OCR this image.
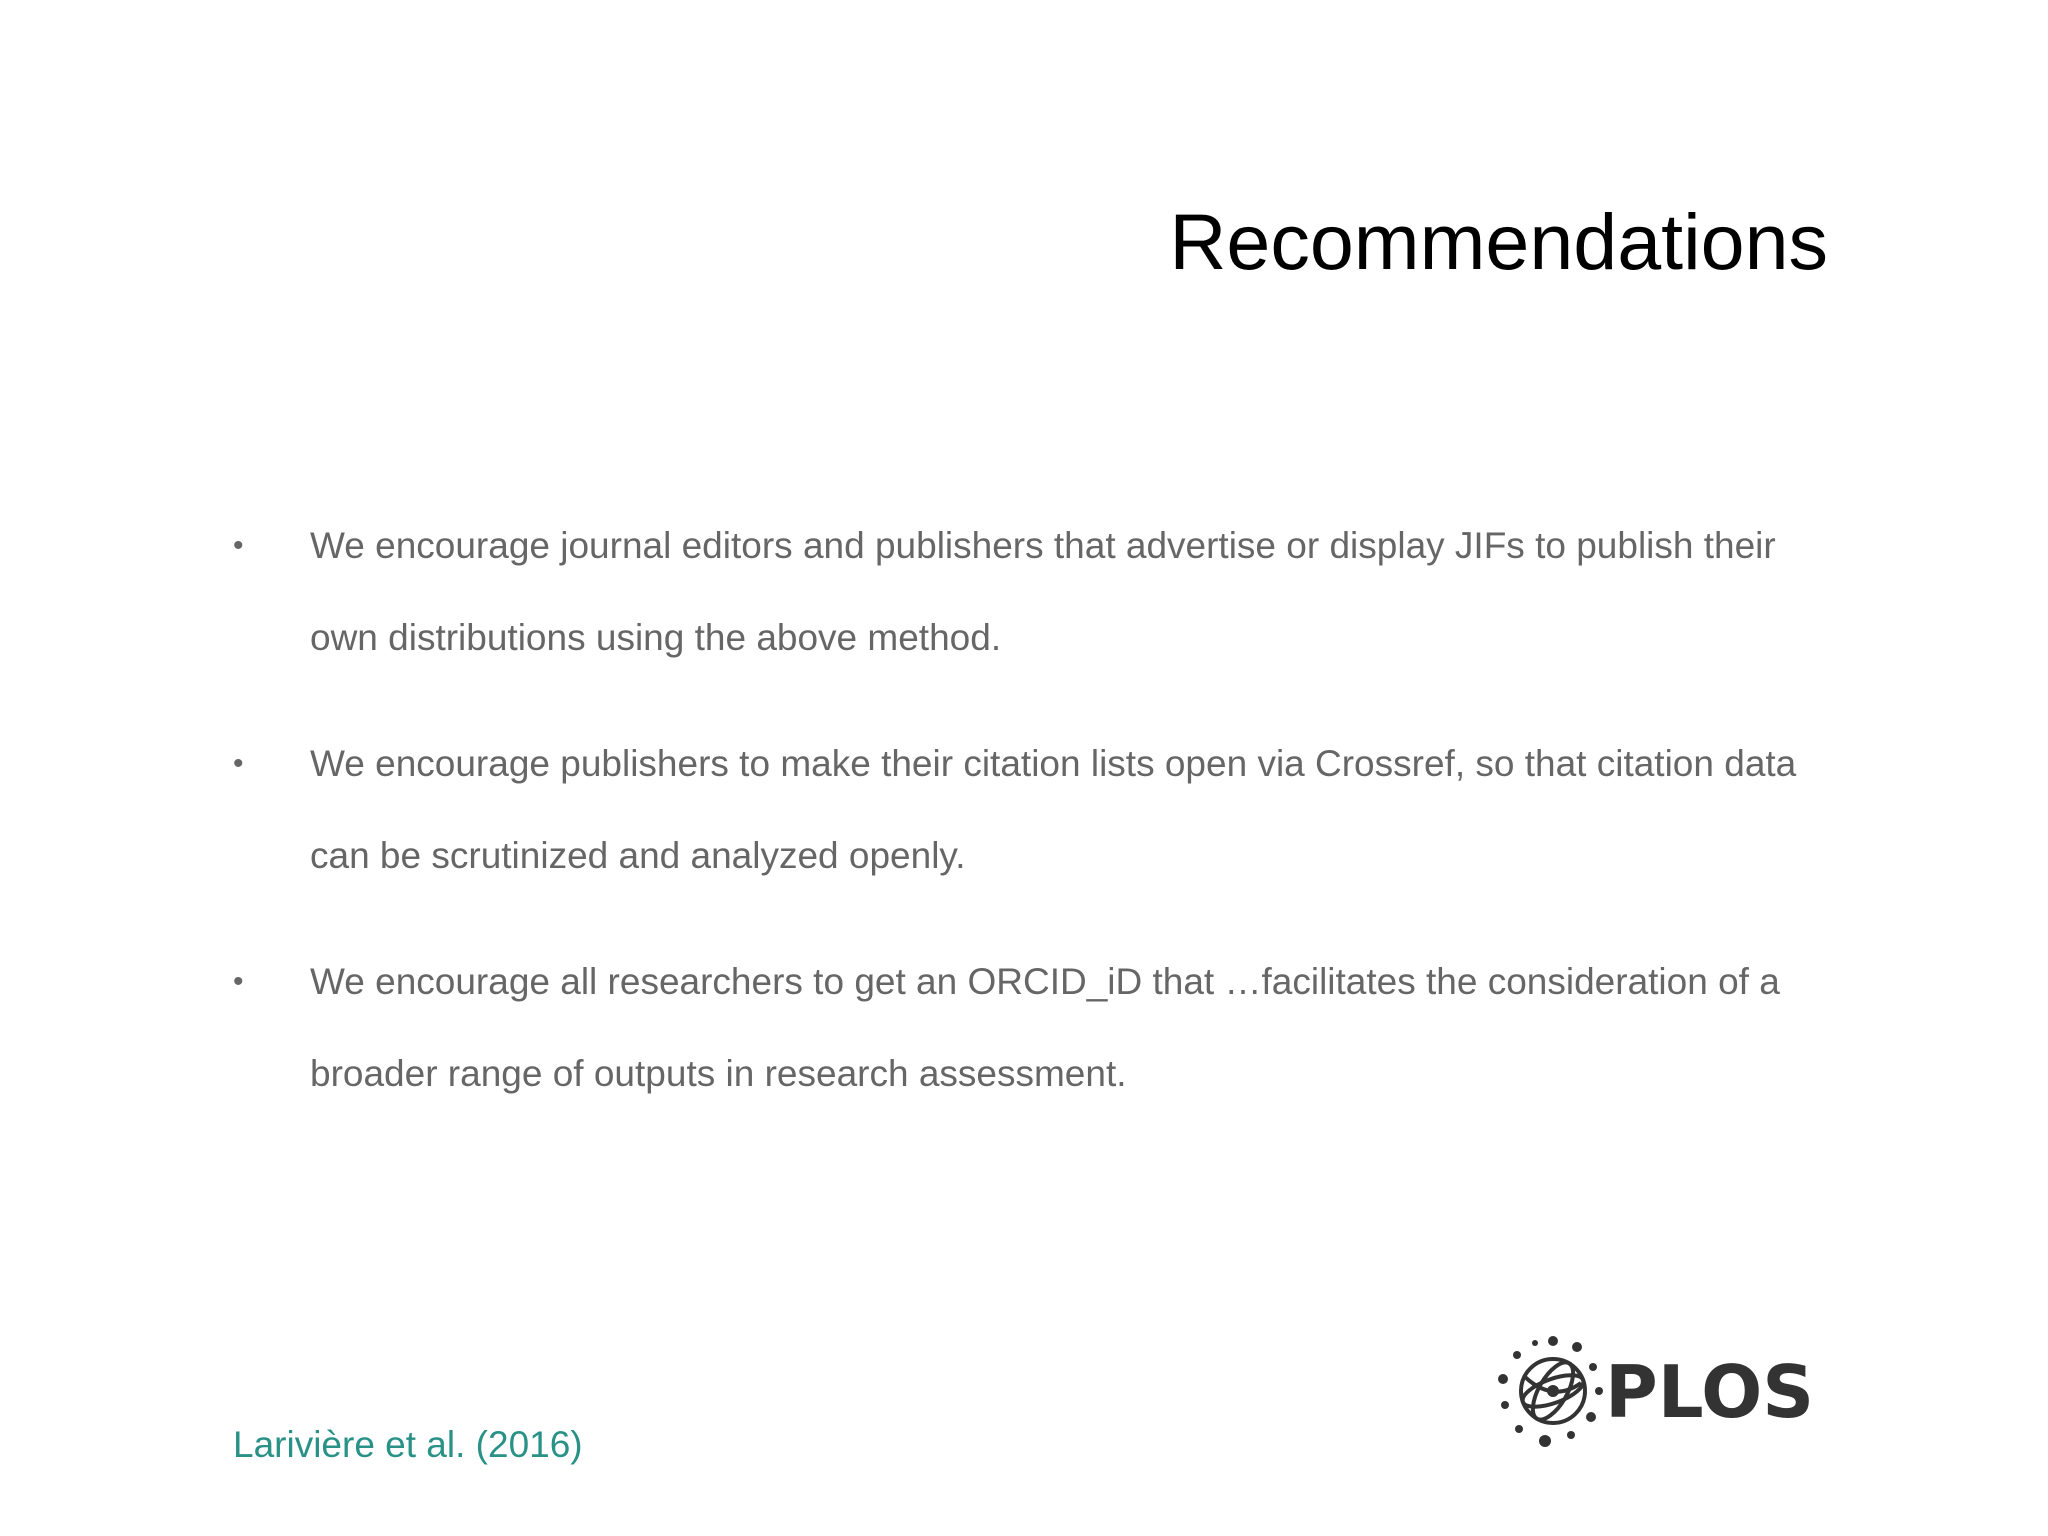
Recommendations
• We encourage journal editors and publishers that advertise or display JIFs to publish their own distributions using the above method.
• We encourage publishers to make their citation lists open via Crossref, so that citation data can be scrutinized and analyzed openly.
• We encourage all researchers to get an ORCID_iD that …facilitates the consideration of a broader range of outputs in research assessment.
Larivière et al. (2016)
PLOS
